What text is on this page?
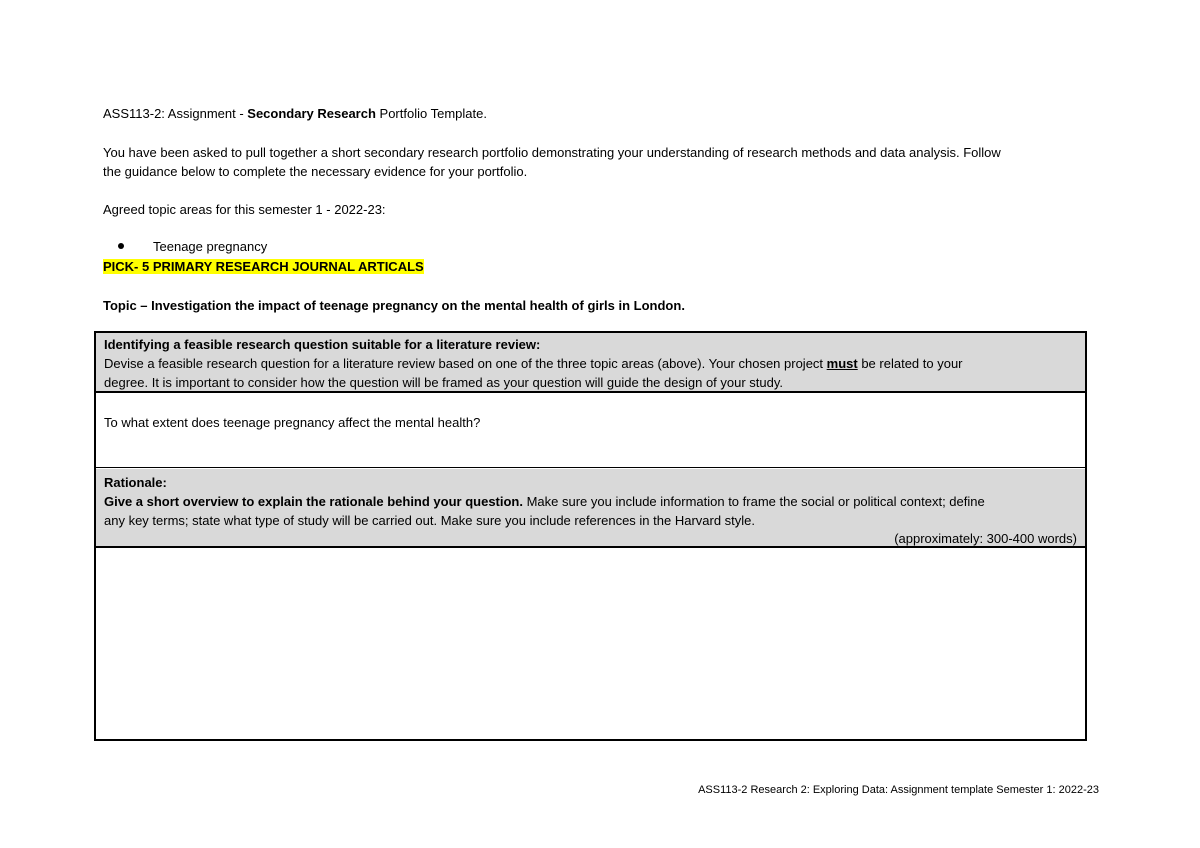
ASS113-2: Assignment - Secondary Research Portfolio Template.
You have been asked to pull together a short secondary research portfolio demonstrating your understanding of research methods and data analysis. Follow
the guidance below to complete the necessary evidence for your portfolio.
Agreed topic areas for this semester 1 - 2022-23:
Teenage pregnancy
PICK- 5 PRIMARY RESEARCH JOURNAL ARTICALS
Topic – Investigation the impact of teenage pregnancy on the mental health of girls in London.
Identifying a feasible research question suitable for a literature review:
Devise a feasible research question for a literature review based on one of the three topic areas (above). Your chosen project must be related to your
degree. It is important to consider how the question will be framed as your question will guide the design of your study.
To what extent does teenage pregnancy affect the mental health?
Rationale:
Give a short overview to explain the rationale behind your question. Make sure you include information to frame the social or political context; define
any key terms; state what type of study will be carried out. Make sure you include references in the Harvard style.
(approximately: 300-400 words)
ASS113-2 Research 2: Exploring Data: Assignment template Semester 1: 2022-23
